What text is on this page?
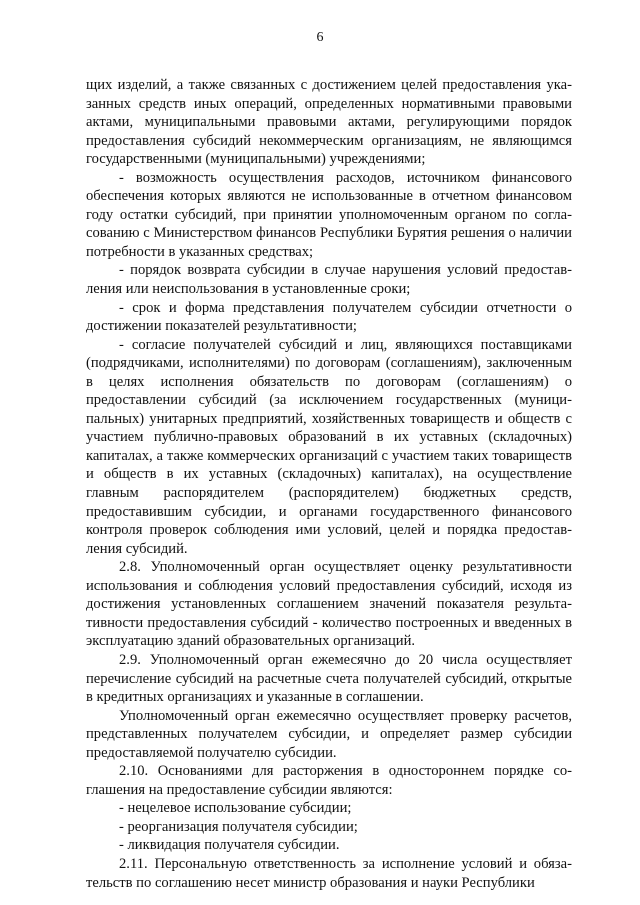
6

щих изделий, а также связанных с достижением целей предоставления указанных средств иных операций, определенных нормативными правовыми актами, муниципальными правовыми актами, регулирующими порядок предоставления субсидий некоммерческим организациям, не являющимся государственными (муниципальными) учреждениями;

- возможность осуществления расходов, источником финансового обеспечения которых являются не использованные в отчетном финансовом году остатки субсидий, при принятии уполномоченным органом по согласованию с Министерством финансов Республики Бурятия решения о наличии потребности в указанных средствах;

- порядок возврата субсидии в случае нарушения условий предоставления или неиспользования в установленные сроки;

- срок и форма представления получателем субсидии отчетности о достижении показателей результативности;

- согласие получателей субсидий и лиц, являющихся поставщиками (подрядчиками, исполнителями) по договорам (соглашениям), заключенным в целях исполнения обязательств по договорам (соглашениям) о предоставлении субсидий (за исключением государственных (муниципальных) унитарных предприятий, хозяйственных товариществ и обществ с участием публично-правовых образований в их уставных (складочных) капиталах, а также коммерческих организаций с участием таких товариществ и обществ в их уставных (складочных) капиталах), на осуществление главным распорядителем (распорядителем) бюджетных средств, предоставившим субсидии, и органами государственного финансового контроля проверок соблюдения ими условий, целей и порядка предоставления субсидий.

2.8. Уполномоченный орган осуществляет оценку результативности использования и соблюдения условий предоставления субсидий, исходя из достижения установленных соглашением значений показателя результативности предоставления субсидий - количество построенных и введенных в эксплуатацию зданий образовательных организаций.

2.9. Уполномоченный орган ежемесячно до 20 числа осуществляет перечисление субсидий на расчетные счета получателей субсидий, открытые в кредитных организациях и указанные в соглашении.

Уполномоченный орган ежемесячно осуществляет проверку расчетов, представленных получателем субсидии, и определяет размер субсидии предоставляемой получателю субсидии.

2.10. Основаниями для расторжения в одностороннем порядке соглашения на предоставление субсидии являются:

- нецелевое использование субсидии;

- реорганизация получателя субсидии;

- ликвидация получателя субсидии.

2.11. Персональную ответственность за исполнение условий и обязательств по соглашению несет министр образования и науки Республики
